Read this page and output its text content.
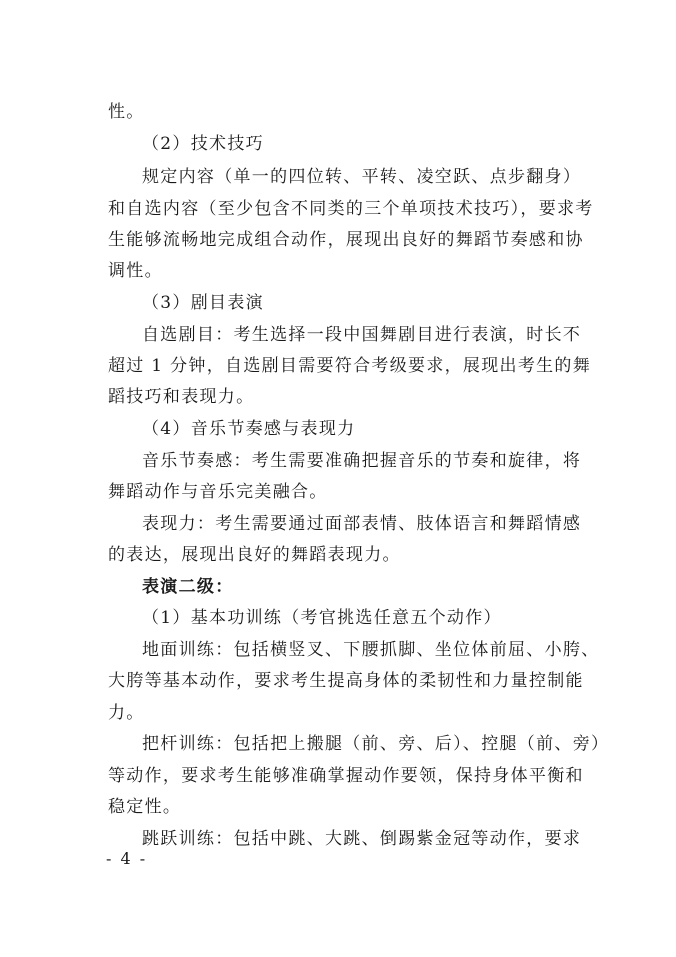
性。
（2）技术技巧
规定内容（单一的四位转、平转、凌空跃、点步翻身）
和自选内容（至少包含不同类的三个单项技术技巧），要求考
生能够流畅地完成组合动作，展现出良好的舞蹈节奏感和协
调性。
（3）剧目表演
自选剧目：考生选择一段中国舞剧目进行表演，时长不
超过 1 分钟，自选剧目需要符合考级要求，展现出考生的舞
蹈技巧和表现力。
（4）音乐节奏感与表现力
音乐节奏感：考生需要准确把握音乐的节奏和旋律，将
舞蹈动作与音乐完美融合。
表现力：考生需要通过面部表情、肢体语言和舞蹈情感
的表达，展现出良好的舞蹈表现力。
表演二级：
（1）基本功训练（考官挑选任意五个动作）
地面训练：包括横竖叉、下腰抓脚、坐位体前屈、小胯、
大胯等基本动作，要求考生提高身体的柔韧性和力量控制能
力。
把杆训练：包括把上搬腿（前、旁、后）、控腿（前、旁）
等动作，要求考生能够准确掌握动作要领，保持身体平衡和
稳定性。
跳跃训练：包括中跳、大跳、倒踢紫金冠等动作，要求
- 4 -
